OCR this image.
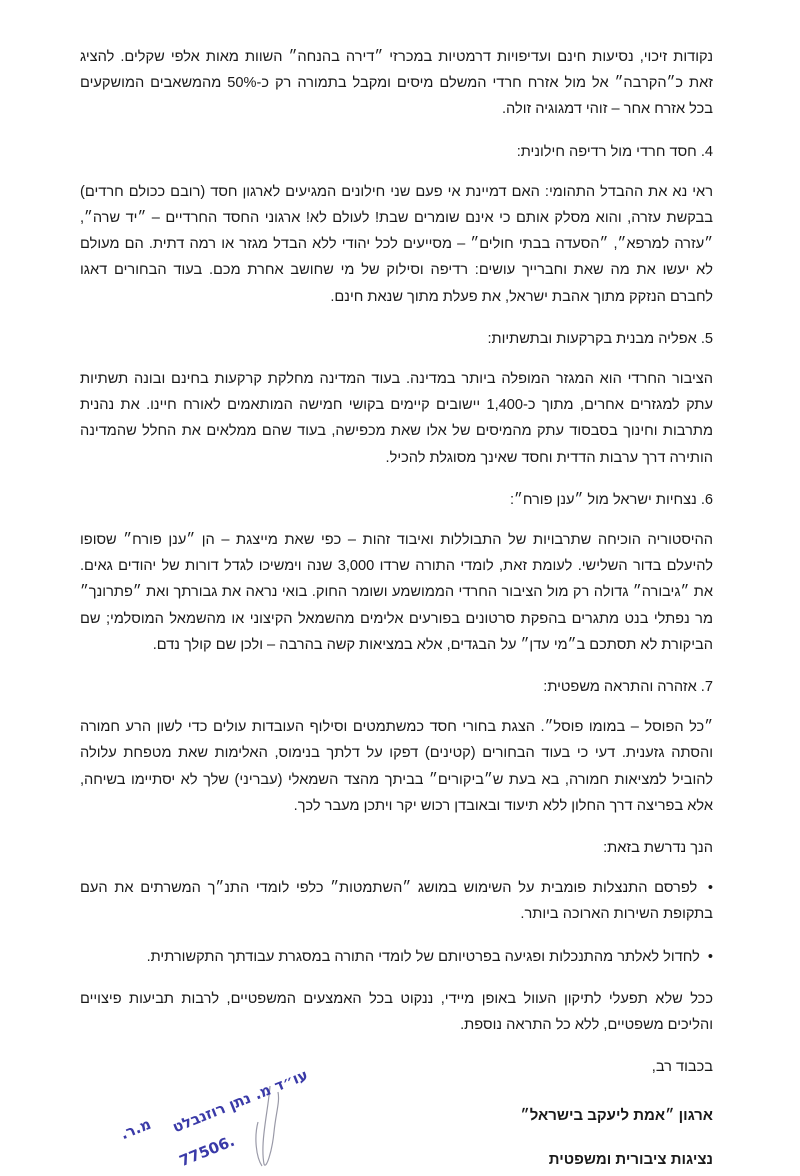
נקודות זיכוי, נסיעות חינם ועדיפויות דרמטיות במכרזי ״דירה בהנחה״ השוות מאות אלפי שקלים. להציג זאת כ״הקרבה״ אל מול אזרח חרדי המשלם מיסים ומקבל בתמורה רק כ-50% מהמשאבים המושקעים בכל אזרח אחר – זוהי דמגוגיה זולה.

4. חסד חרדי מול רדיפה חילונית:

ראי נא את ההבדל התהומי: האם דמיינת אי פעם שני חילונים המגיעים לארגון חסד (רובם ככולם חרדים) בבקשת עזרה, והוא מסלק אותם כי אינם שומרים שבת! לעולם לא! ארגוני החסד החרדיים – ״יד שרה״, ״עזרה למרפא״, ״הסעדה בבתי חולים״ – מסייעים לכל יהודי ללא הבדל מגזר או רמה דתית. הם מעולם לא יעשו את מה שאת וחברייך עושים: רדיפה וסילוק של מי שחושב אחרת מכם. בעוד הבחורים דאגו לחברם הנזקק מתוך אהבת ישראל, את פעלת מתוך שנאת חינם.

5. אפליה מבנית בקרקעות ובתשתיות:

הציבור החרדי הוא המגזר המופלה ביותר במדינה. בעוד המדינה מחלקת קרקעות בחינם ובונה תשתיות עתק למגזרים אחרים, מתוך כ-1,400 יישובים קיימים בקושי חמישה המותאמים לאורח חיינו. את נהנית מתרבות וחינוך בסבסוד עתק מהמיסים של אלו שאת מכפישה, בעוד שהם ממלאים את החלל שהמדינה הותירה דרך ערבות הדדית וחסד שאינך מסוגלת להכיל.

6. נצחיות ישראל מול ״ענן פורח״:

ההיסטוריה הוכיחה שתרבויות של התבוללות ואיבוד זהות – כפי שאת מייצגת – הן ״ענן פורח״ שסופו להיעלם בדור השלישי. לעומת זאת, לומדי התורה שרדו 3,000 שנה וימשיכו לגדל דורות של יהודים גאים. את ״גיבורה״ גדולה רק מול הציבור החרדי הממושמע ושומר החוק. בואי נראה את גבורתך ואת ״פתרונך״ מר נפתלי בנט מתגרים בהפקת סרטונים בפורעים אלימים מהשמאל הקיצוני או מהשמאל המוסלמי; שם הביקורת לא תסתכם ב״מי עדן״ על הבגדים, אלא במציאות קשה בהרבה – ולכן שם קולך נדם.

7. אזהרה והתראה משפטית:

״כל הפוסל – במומו פוסל״. הצגת בחורי חסד כמשתמטים וסילוף העובדות עולים כדי לשון הרע חמורה והסתה גזענית. דעי כי בעוד הבחורים (קטינים) דפקו על דלתך בנימוס, האלימות שאת מטפחת עלולה להוביל למציאות חמורה, בא בעת ש״ביקורים״ בביתך מהצד השמאלי (עבריני) שלך לא יסתיימו בשיחה, אלא בפריצה דרך החלון ללא תיעוד ובאובדן רכוש יקר ויתכן מעבר לכך.

הנך נדרשת בזאת:

• לפרסם התנצלות פומבית על השימוש במושג ״השתמטות״ כלפי לומדי התנ״ך המשרתים את העם בתקופת השירות הארוכה ביותר.

• לחדול לאלתר מהתנכלות ופגיעה בפרטיותם של לומדי התורה במסגרת עבודתך התקשורתית.

ככל שלא תפעלי לתיקון העוול באופן מיידי, ננקוט בכל האמצעים המשפטיים, לרבות תביעות פיצויים והליכים משפטיים, ללא כל התראה נוספת.

בכבוד רב,

ארגון ״אמת ליעקב בישראל״
נציגות ציבורית ומשפטית
עו״ד מ. נתן רוזנבלט
מ.ר.
77506.
